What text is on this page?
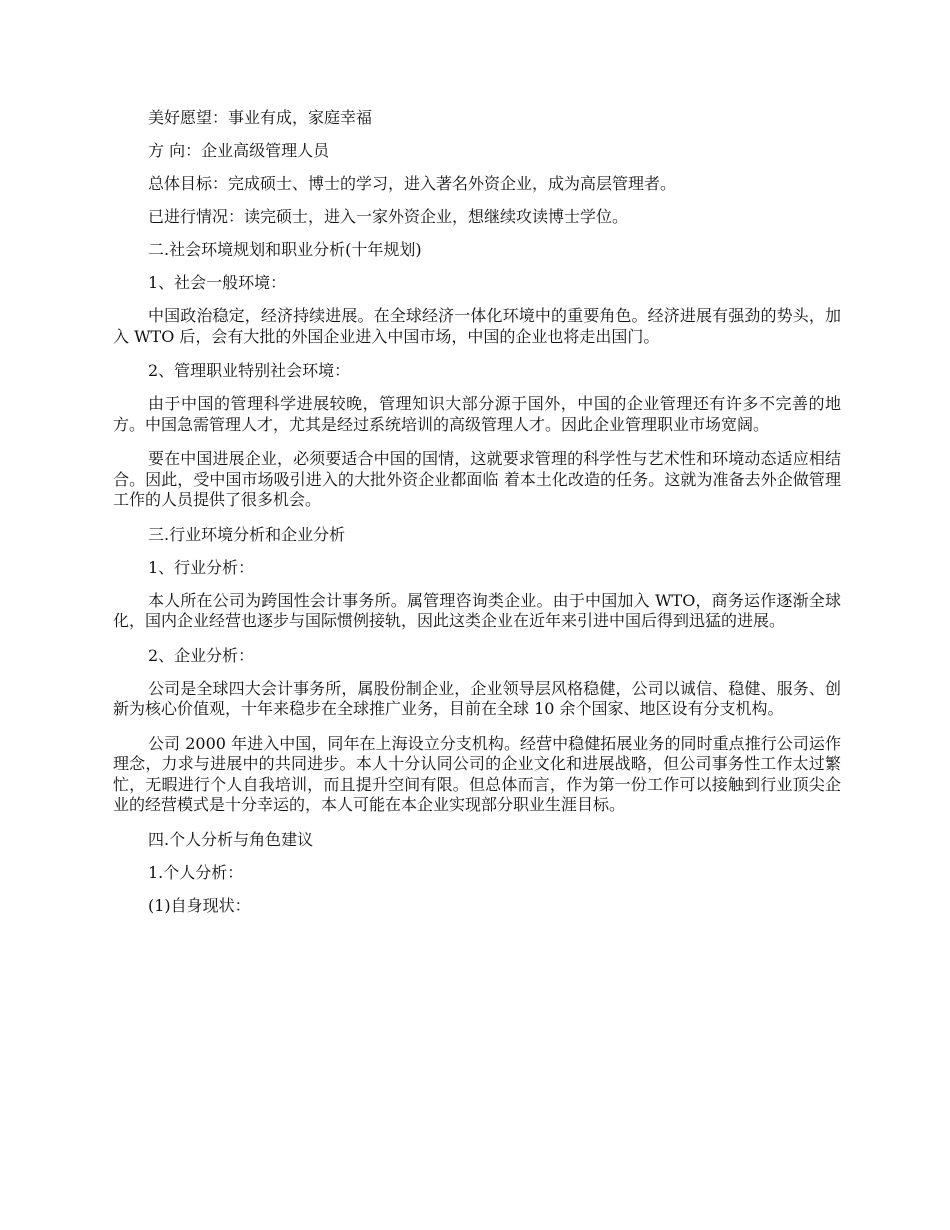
美好愿望：事业有成，家庭幸福

方 向：企业高级管理人员

总体目标：完成硕士、博士的学习，进入著名外资企业，成为高层管理者。

已进行情况：读完硕士，进入一家外资企业，想继续攻读博士学位。

二.社会环境规划和职业分析(十年规划)

1、社会一般环境：

中国政治稳定，经济持续进展。在全球经济一体化环境中的重要角色。经济进展有强劲的势头，加入 WTO 后，会有大批的外国企业进入中国市场，中国的企业也将走出国门。

2、管理职业特别社会环境：

由于中国的管理科学进展较晚，管理知识大部分源于国外，中国的企业管理还有许多不完善的地方。中国急需管理人才，尤其是经过系统培训的高级管理人才。因此企业管理职业市场宽阔。

要在中国进展企业，必须要适合中国的国情，这就要求管理的科学性与艺术性和环境动态适应相结合。因此，受中国市场吸引进入的大批外资企业都面临 着本土化改造的任务。这就为准备去外企做管理工作的人员提供了很多机会。

三.行业环境分析和企业分析

1、行业分析：

本人所在公司为跨国性会计事务所。属管理咨询类企业。由于中国加入 WTO，商务运作逐渐全球化，国内企业经营也逐步与国际惯例接轨，因此这类企业在近年来引进中国后得到迅猛的进展。

2、企业分析：

公司是全球四大会计事务所，属股份制企业，企业领导层风格稳健，公司以诚信、稳健、服务、创新为核心价值观，十年来稳步在全球推广业务，目前在全球 10 余个国家、地区设有分支机构。

公司 2000 年进入中国，同年在上海设立分支机构。经营中稳健拓展业务的同时重点推行公司运作理念，力求与进展中的共同进步。本人十分认同公司的企业文化和进展战略，但公司事务性工作太过繁忙，无暇进行个人自我培训，而且提升空间有限。但总体而言，作为第一份工作可以接触到行业顶尖企业的经营模式是十分幸运的，本人可能在本企业实现部分职业生涯目标。

四.个人分析与角色建议

1.个人分析：

(1)自身现状：
